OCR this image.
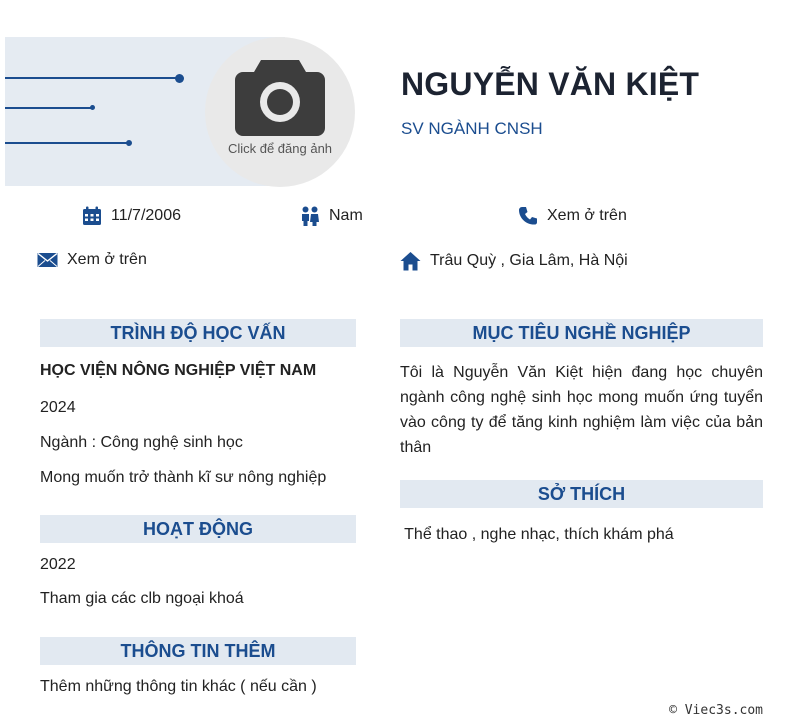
Click để đăng ảnh
NGUYỄN VĂN KIỆT
SV NGÀNH CNSH
11/7/2006	Nam	Xem ở trên
Xem ở trên	Trâu Quỳ , Gia Lâm, Hà Nội
TRÌNH ĐỘ HỌC VẤN
HỌC VIỆN NÔNG NGHIỆP VIỆT NAM
2024
Ngành : Công nghệ sinh học
Mong muốn trở thành kĩ sư nông nghiệp
HOẠT ĐỘNG
2022
Tham gia các clb ngoại khoá
THÔNG TIN THÊM
Thêm những thông tin khác ( nếu cần )
MỤC TIÊU NGHỀ NGHIỆP
Tôi là Nguyễn Văn Kiệt hiện đang học chuyên ngành công nghệ sinh học mong muốn ứng tuyển vào công ty để tăng kinh nghiệm làm việc của bản thân
SỞ THÍCH
Thể thao , nghe nhạc, thích khám phá
© Viec3s.com
